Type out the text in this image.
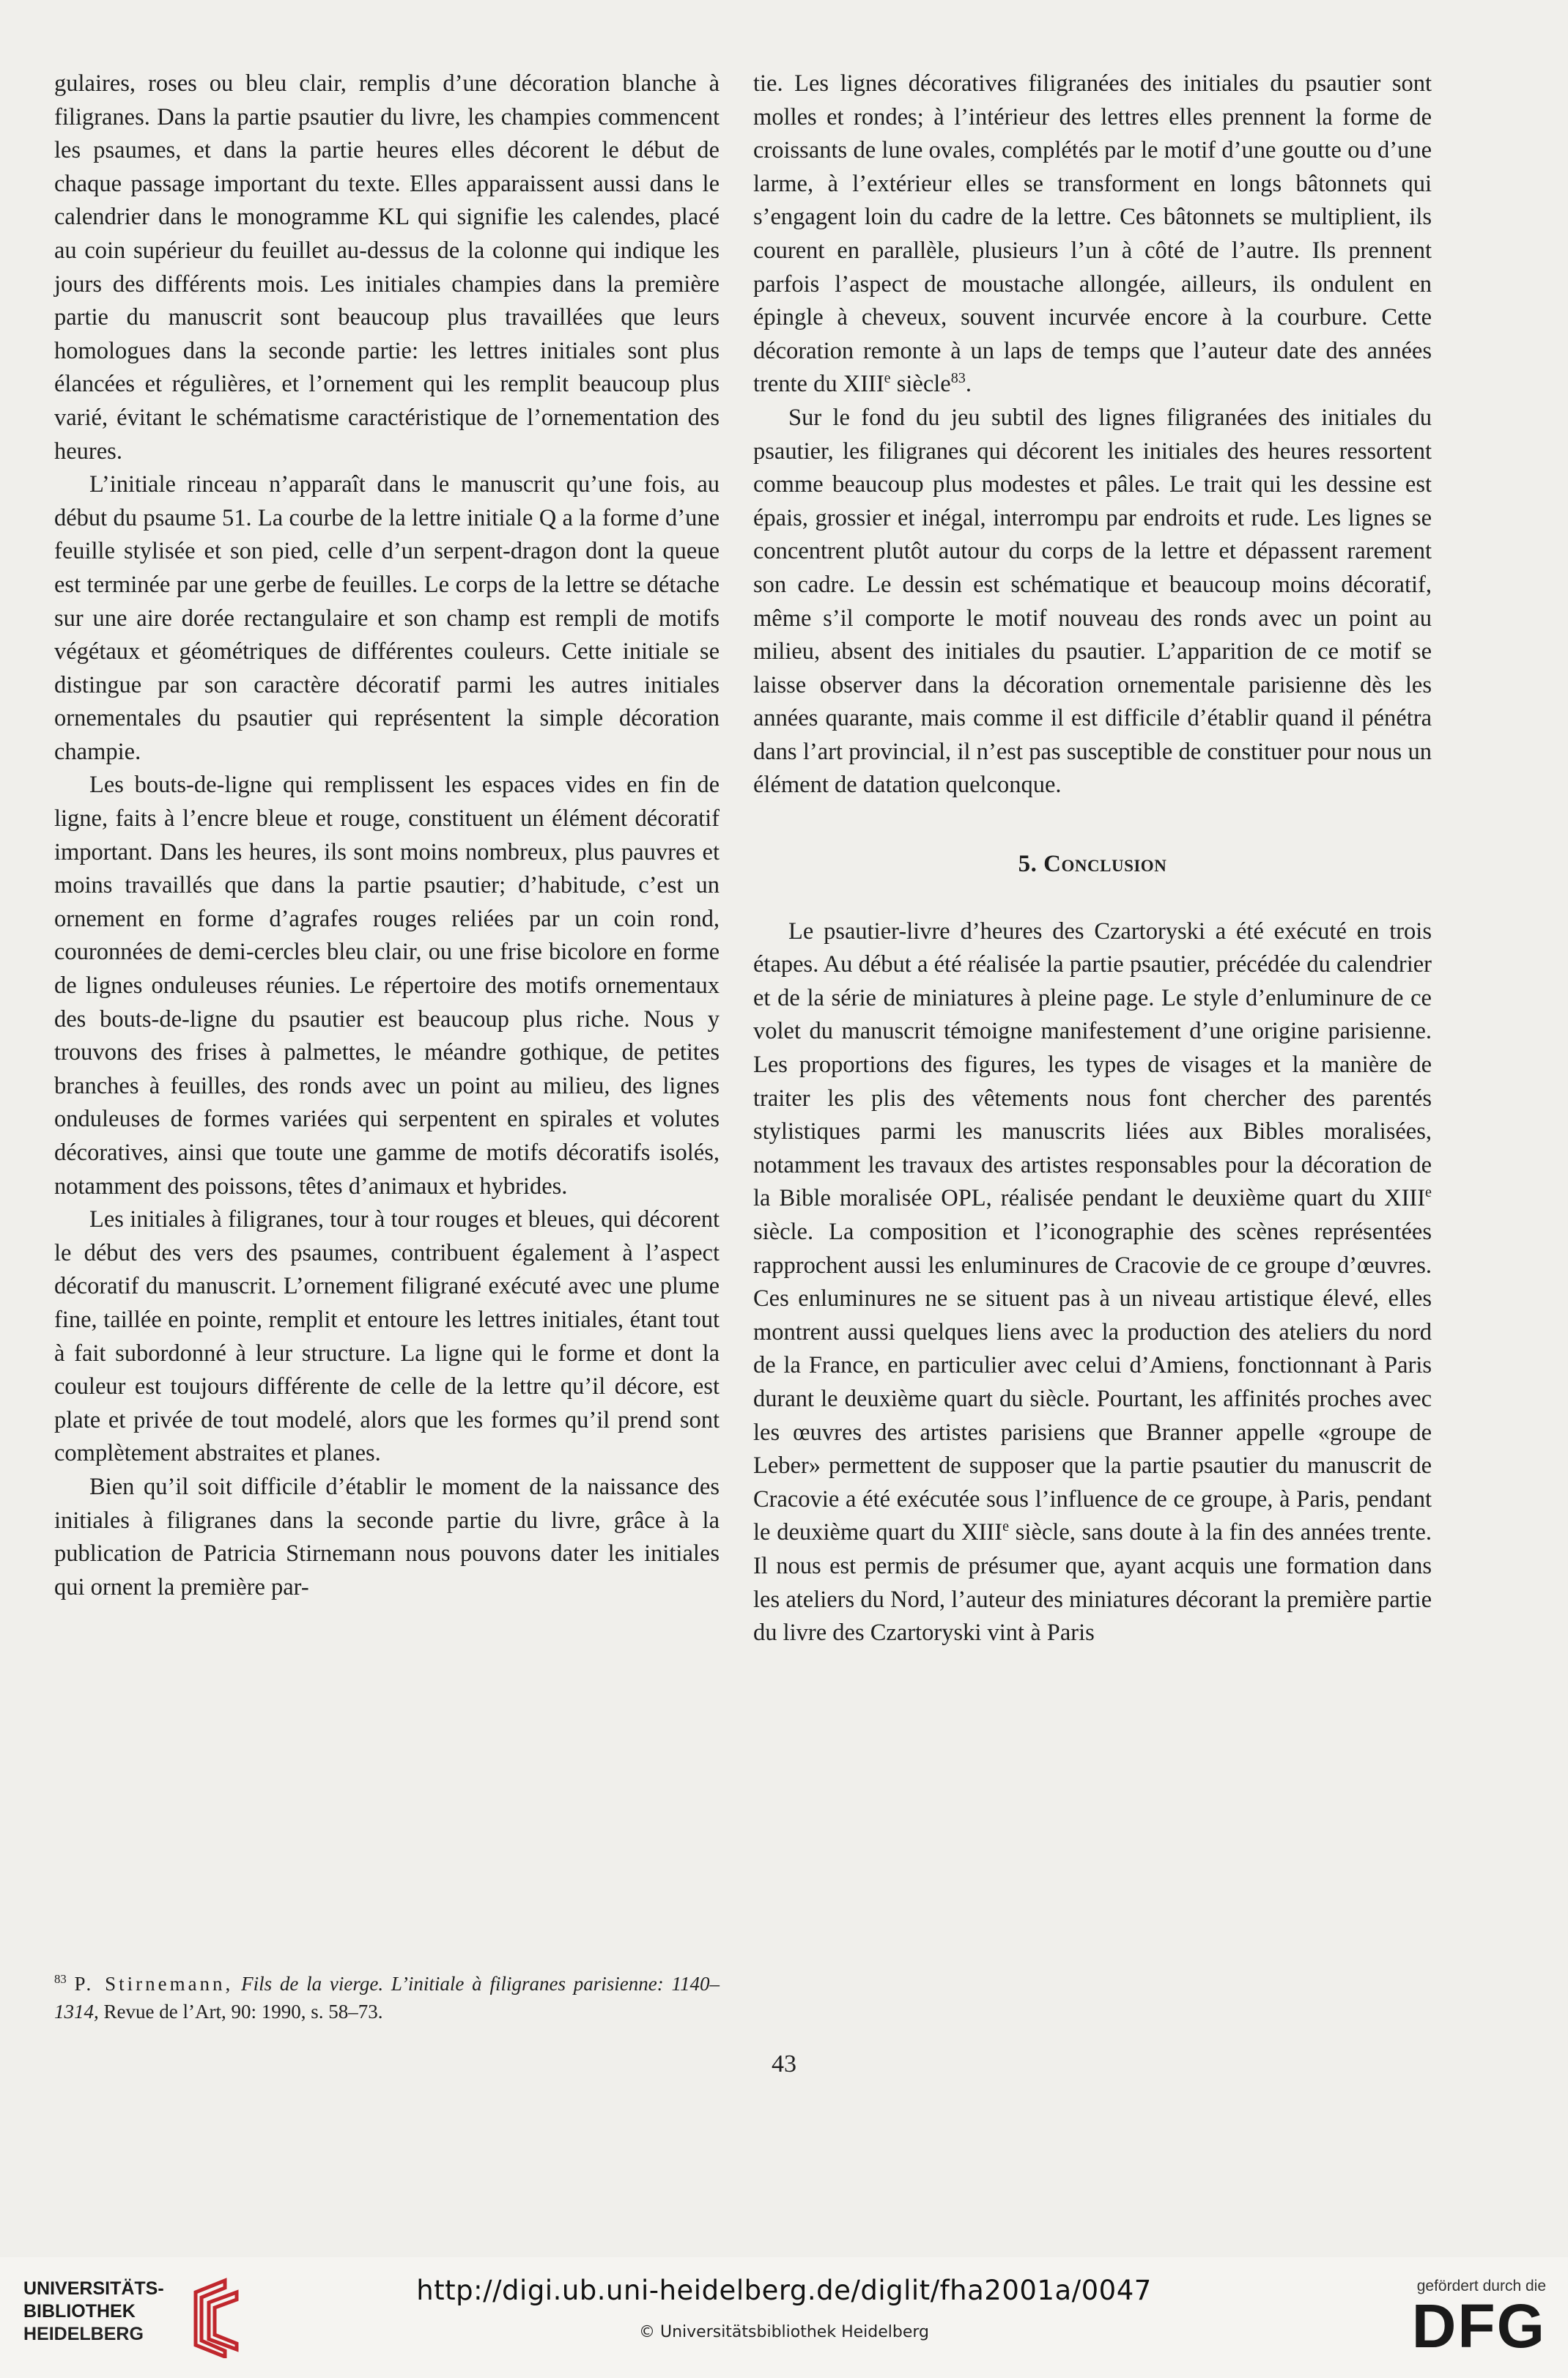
gulaires, roses ou bleu clair, remplis d’une décoration blanche à filigranes. Dans la partie psautier du livre, les champies commencent les psaumes, et dans la partie heures elles décorent le début de chaque passage important du texte. Elles apparaissent aussi dans le calendrier dans le monogramme KL qui signifie les calendes, placé au coin supérieur du feuillet au-dessus de la colonne qui indique les jours des différents mois. Les initiales champies dans la première partie du manuscrit sont beaucoup plus travaillées que leurs homologues dans la seconde partie: les lettres initiales sont plus élancées et régulières, et l’ornement qui les remplit beaucoup plus varié, évitant le schématisme caractéristique de l’ornementation des heures.

L’initiale rinceau n’apparaît dans le manuscrit qu’une fois, au début du psaume 51. La courbe de la lettre initiale Q a la forme d’une feuille stylisée et son pied, celle d’un serpent-dragon dont la queue est terminée par une gerbe de feuilles. Le corps de la lettre se détache sur une aire dorée rectangulaire et son champ est rempli de motifs végétaux et géométriques de différentes couleurs. Cette initiale se distingue par son caractère décoratif parmi les autres initiales ornementales du psautier qui représentent la simple décoration champie.

Les bouts-de-ligne qui remplissent les espaces vides en fin de ligne, faits à l’encre bleue et rouge, constituent un élément décoratif important. Dans les heures, ils sont moins nombreux, plus pauvres et moins travaillés que dans la partie psautier; d’habitude, c’est un ornement en forme d’agrafes rouges reliées par un coin rond, couronnées de demi-cercles bleu clair, ou une frise bicolore en forme de lignes onduleuses réunies. Le répertoire des motifs ornementaux des bouts-de-ligne du psautier est beaucoup plus riche. Nous y trouvons des frises à palmettes, le méandre gothique, de petites branches à feuilles, des ronds avec un point au milieu, des lignes onduleuses de formes variées qui serpentent en spirales et volutes décoratives, ainsi que toute une gamme de motifs décoratifs isolés, notamment des poissons, têtes d’animaux et hybrides.

Les initiales à filigranes, tour à tour rouges et bleues, qui décorent le début des vers des psaumes, contribuent également à l’aspect décoratif du manuscrit. L’ornement filigrané exécuté avec une plume fine, taillée en pointe, remplit et entoure les lettres initiales, étant tout à fait subordonné à leur structure. La ligne qui le forme et dont la couleur est toujours différente de celle de la lettre qu’il décore, est plate et privée de tout modelé, alors que les formes qu’il prend sont complètement abstraites et planes.

Bien qu’il soit difficile d’établir le moment de la naissance des initiales à filigranes dans la seconde partie du livre, grâce à la publication de Patricia Stirnemann nous pouvons dater les initiales qui ornent la première par-

tie. Les lignes décoratives filigranées des initiales du psautier sont molles et rondes; à l’intérieur des lettres elles prennent la forme de croissants de lune ovales, complétés par le motif d’une goutte ou d’une larme, à l’extérieur elles se transforment en longs bâtonnets qui s’engagent loin du cadre de la lettre. Ces bâtonnets se multiplient, ils courent en parallèle, plusieurs l’un à côté de l’autre. Ils prennent parfois l’aspect de moustache allongée, ailleurs, ils ondulent en épingle à cheveux, souvent incurvée encore à la courbure. Cette décoration remonte à un laps de temps que l’auteur date des années trente du XIIIe siècle$^{83}$.

Sur le fond du jeu subtil des lignes filigranées des initiales du psautier, les filigranes qui décorent les initiales des heures ressortent comme beaucoup plus modestes et pâles. Le trait qui les dessine est épais, grossier et inégal, interrompu par endroits et rude. Les lignes se concentrent plutôt autour du corps de la lettre et dépassent rarement son cadre. Le dessin est schématique et beaucoup moins décoratif, même s’il comporte le motif nouveau des ronds avec un point au milieu, absent des initiales du psautier. L’apparition de ce motif se laisse observer dans la décoration ornementale parisienne dès les années quarante, mais comme il est difficile d’établir quand il pénétra dans l’art provincial, il n’est pas susceptible de constituer pour nous un élément de datation quelconque.

5. Conclusion

Le psautier-livre d’heures des Czartoryski a été exécuté en trois étapes. Au début a été réalisée la partie psautier, précédée du calendrier et de la série de miniatures à pleine page. Le style d’enluminure de ce volet du manuscrit témoigne manifestement d’une origine parisienne. Les proportions des figures, les types de visages et la manière de traiter les plis des vêtements nous font chercher des parentés stylistiques parmi les manuscrits liées aux Bibles moralisées, notamment les travaux des artistes responsables pour la décoration de la Bible moralisée OPL, réalisée pendant le deuxième quart du XIIIe siècle. La composition et l’iconographie des scènes représentées rapprochent aussi les enluminures de Cracovie de ce groupe d’œuvres. Ces enluminures ne se situent pas à un niveau artistique élevé, elles montrent aussi quelques liens avec la production des ateliers du nord de la France, en particulier avec celui d’Amiens, fonctionnant à Paris durant le deuxième quart du siècle. Pourtant, les affinités proches avec les œuvres des artistes parisiens que Branner appelle «groupe de Leber» permettent de supposer que la partie psautier du manuscrit de Cracovie a été exécutée sous l’influence de ce groupe, à Paris, pendant le deuxième quart du XIIIe siècle, sans doute à la fin des années trente. Il nous est permis de présumer que, ayant acquis une formation dans les ateliers du Nord, l’auteur des miniatures décorant la première partie du livre des Czartoryski vint à Paris

$^{83}$ P. Stirnemann, Fils de la vierge. L’initiale à filigranes parisienne: 1140–1314, Revue de l’Art, 90: 1990, s. 58–73.
43
UNIVERSITÄTS-
BIBLIOTHEK
HEIDELBERG
http://digi.ub.uni-heidelberg.de/diglit/fha2001a/0047
© Universitätsbibliothek Heidelberg
gefördert durch die
DFG
